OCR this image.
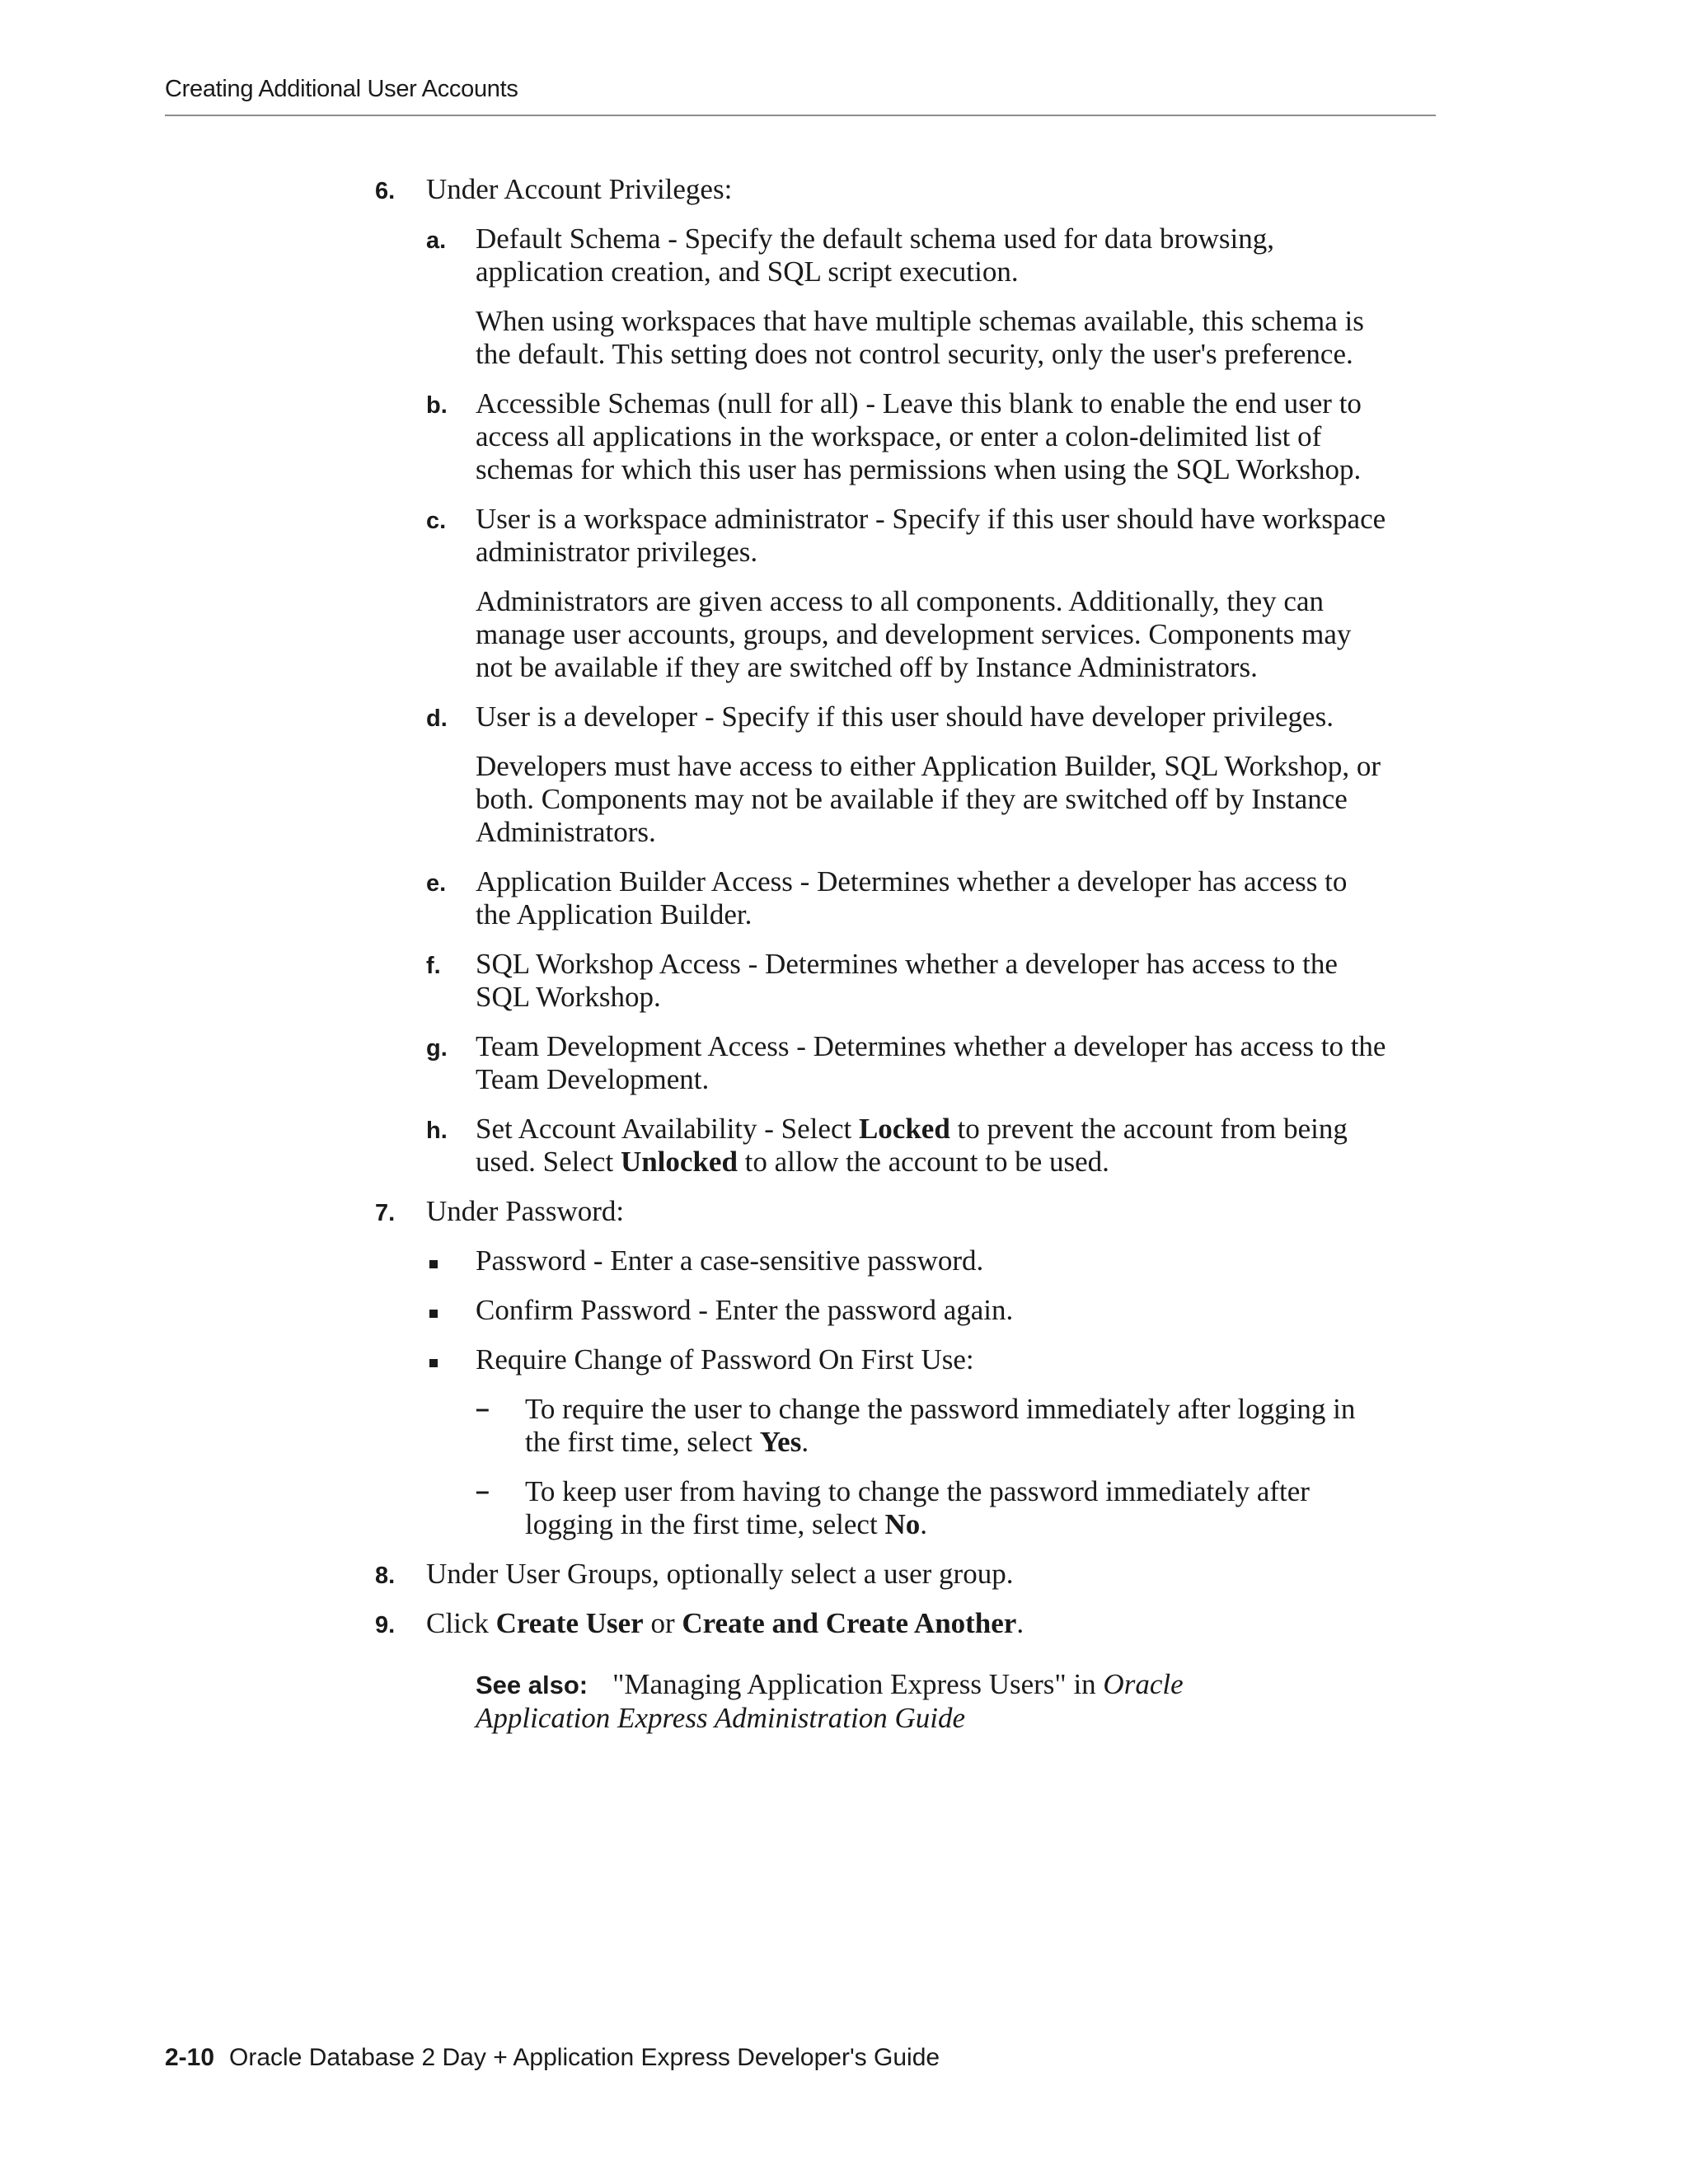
Creating Additional User Accounts
6. Under Account Privileges:
a. Default Schema - Specify the default schema used for data browsing,
application creation, and SQL script execution.
When using workspaces that have multiple schemas available, this schema is
the default. This setting does not control security, only the user's preference.
b. Accessible Schemas (null for all) - Leave this blank to enable the end user to
access all applications in the workspace, or enter a colon-delimited list of
schemas for which this user has permissions when using the SQL Workshop.
c. User is a workspace administrator - Specify if this user should have workspace
administrator privileges.
Administrators are given access to all components. Additionally, they can
manage user accounts, groups, and development services. Components may
not be available if they are switched off by Instance Administrators.
d. User is a developer - Specify if this user should have developer privileges.
Developers must have access to either Application Builder, SQL Workshop, or
both. Components may not be available if they are switched off by Instance
Administrators.
e. Application Builder Access - Determines whether a developer has access to
the Application Builder.
f. SQL Workshop Access - Determines whether a developer has access to the
SQL Workshop.
g. Team Development Access - Determines whether a developer has access to the
Team Development.
h. Set Account Availability - Select Locked to prevent the account from being
used. Select Unlocked to allow the account to be used.
7. Under Password:
Password - Enter a case-sensitive password.
Confirm Password - Enter the password again.
Require Change of Password On First Use:
– To require the user to change the password immediately after logging in
the first time, select Yes.
– To keep user from having to change the password immediately after
logging in the first time, select No.
8. Under User Groups, optionally select a user group.
9. Click Create User or Create and Create Another.
See also: "Managing Application Express Users" in Oracle
Application Express Administration Guide
2-10 Oracle Database 2 Day + Application Express Developer's Guide
